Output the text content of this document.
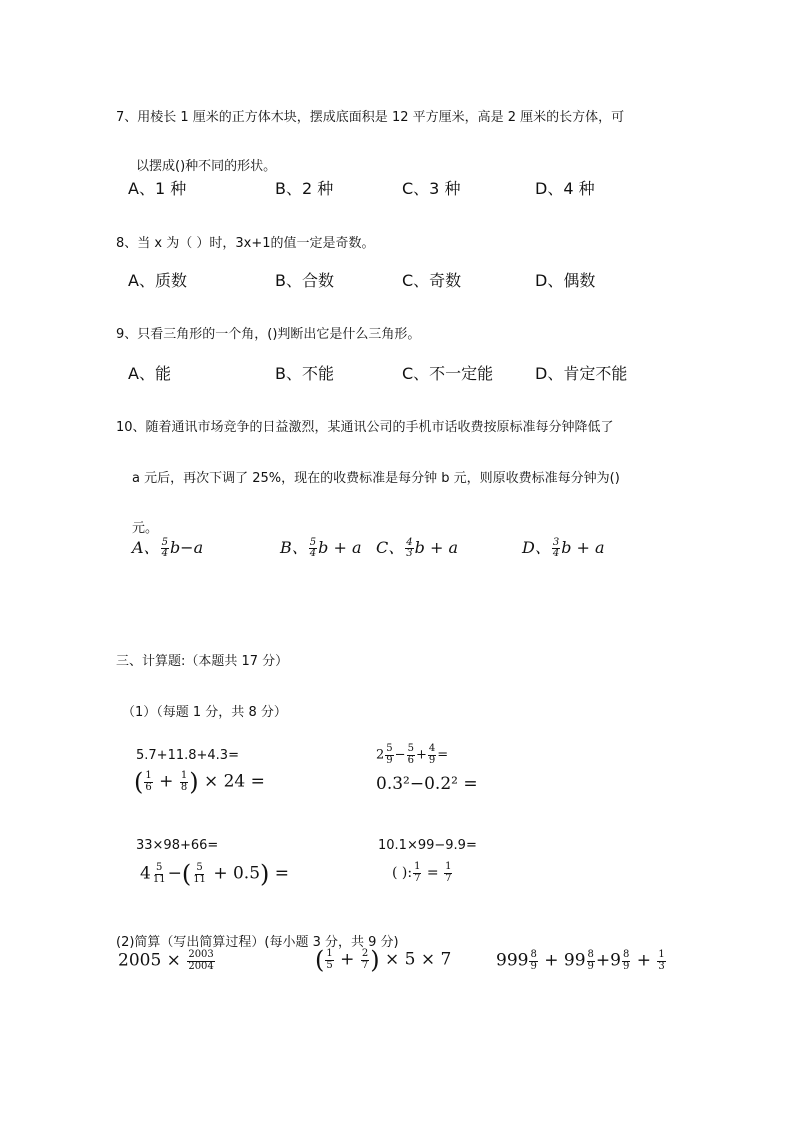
7、用棱长 1 厘米的正方体木块，摆成底面积是 12 平方厘米，高是 2 厘米的长方体，可
以摆成()种不同的形状。
A、1 种	B、2 种	C、3 种	D、4 种
8、当 x 为（ ）时，3x+1的值一定是奇数。
A、质数	B、合数	C、奇数	D、偶数
9、只看三角形的一个角，()判断出它是什么三角形。
A、能	B、不能	C、不一定能	D、肯定不能
10、随着通讯市场竞争的日益激烈，某通讯公司的手机市话收费按原标准每分钟降低了
a 元后，再次下调了 25%，现在的收费标准是每分钟 b 元，则原收费标准每分钟为()
元。
A、 $\frac{5}{4} b-a$	B、 $\frac{5}{4}$ b + a C、 $\frac{4}{3}$ b + a	D、 $\frac{3}{4}$ b + a
三、计算题:（本题共 17 分）
（1）（每题 1 分，共 8 分）
5.7+11.8+4.3=	$2 \frac{5}{9} - \frac{5}{6} + \frac{4}{9}$ =
( $\frac{1}{6} + \frac{1}{8}$ ) × 24 =	0.3²−0.2² =
33×98+66=	10.1×99−9.9=
$4 \frac{5}{11}$ −( $\frac{5}{11} + 0.5$) =	( ): $\frac{1}{7} = \frac{1}{7}$
(2)简算（写出简算过程）(每小题 3 分，共 9 分)
$2005 \times \frac{2003}{2004}$	( $\frac{1}{5} + \frac{2}{7}$ ) × 5 × 7	$999 \frac{8}{9} + 99 \frac{8}{9} +9 \frac{8}{9} + \frac{1}{3}$
